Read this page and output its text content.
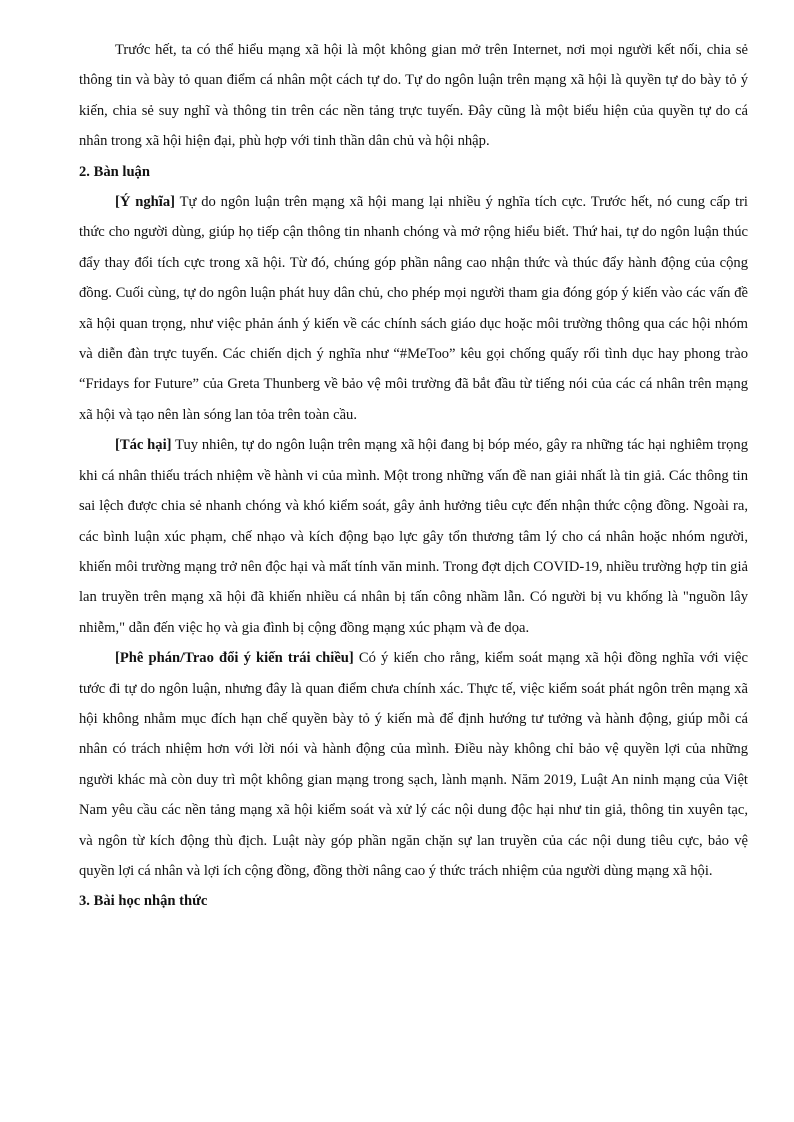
Trước hết, ta có thể hiểu mạng xã hội là một không gian mở trên Internet, nơi mọi người kết nối, chia sẻ thông tin và bày tỏ quan điểm cá nhân một cách tự do. Tự do ngôn luận trên mạng xã hội là quyền tự do bày tỏ ý kiến, chia sẻ suy nghĩ và thông tin trên các nền tảng trực tuyến. Đây cũng là một biểu hiện của quyền tự do cá nhân trong xã hội hiện đại, phù hợp với tinh thần dân chủ và hội nhập.

2. Bàn luận

[Ý nghĩa] Tự do ngôn luận trên mạng xã hội mang lại nhiều ý nghĩa tích cực. Trước hết, nó cung cấp tri thức cho người dùng, giúp họ tiếp cận thông tin nhanh chóng và mở rộng hiểu biết. Thứ hai, tự do ngôn luận thúc đẩy thay đổi tích cực trong xã hội. Từ đó, chúng góp phần nâng cao nhận thức và thúc đẩy hành động của cộng đồng. Cuối cùng, tự do ngôn luận phát huy dân chủ, cho phép mọi người tham gia đóng góp ý kiến vào các vấn đề xã hội quan trọng, như việc phản ánh ý kiến về các chính sách giáo dục hoặc môi trường thông qua các hội nhóm và diễn đàn trực tuyến. Các chiến dịch ý nghĩa như “#MeToo” kêu gọi chống quấy rối tình dục hay phong trào “Fridays for Future” của Greta Thunberg về bảo vệ môi trường đã bắt đầu từ tiếng nói của các cá nhân trên mạng xã hội và tạo nên làn sóng lan tỏa trên toàn cầu.

[Tác hại] Tuy nhiên, tự do ngôn luận trên mạng xã hội đang bị bóp méo, gây ra những tác hại nghiêm trọng khi cá nhân thiếu trách nhiệm về hành vi của mình. Một trong những vấn đề nan giải nhất là tin giả. Các thông tin sai lệch được chia sẻ nhanh chóng và khó kiểm soát, gây ảnh hưởng tiêu cực đến nhận thức cộng đồng. Ngoài ra, các bình luận xúc phạm, chế nhạo và kích động bạo lực gây tổn thương tâm lý cho cá nhân hoặc nhóm người, khiến môi trường mạng trở nên độc hại và mất tính văn minh. Trong đợt dịch COVID-19, nhiều trường hợp tin giả lan truyền trên mạng xã hội đã khiến nhiều cá nhân bị tấn công nhầm lẫn. Có người bị vu khống là "nguồn lây nhiễm," dẫn đến việc họ và gia đình bị cộng đồng mạng xúc phạm và đe dọa.

[Phê phán/Trao đổi ý kiến trái chiều] Có ý kiến cho rằng, kiểm soát mạng xã hội đồng nghĩa với việc tước đi tự do ngôn luận, nhưng đây là quan điểm chưa chính xác. Thực tế, việc kiểm soát phát ngôn trên mạng xã hội không nhằm mục đích hạn chế quyền bày tỏ ý kiến mà để định hướng tư tưởng và hành động, giúp mỗi cá nhân có trách nhiệm hơn với lời nói và hành động của mình. Điều này không chỉ bảo vệ quyền lợi của những người khác mà còn duy trì một không gian mạng trong sạch, lành mạnh. Năm 2019, Luật An ninh mạng của Việt Nam yêu cầu các nền tảng mạng xã hội kiểm soát và xử lý các nội dung độc hại như tin giả, thông tin xuyên tạc, và ngôn từ kích động thù địch. Luật này góp phần ngăn chặn sự lan truyền của các nội dung tiêu cực, bảo vệ quyền lợi cá nhân và lợi ích cộng đồng, đồng thời nâng cao ý thức trách nhiệm của người dùng mạng xã hội.

3. Bài học nhận thức
